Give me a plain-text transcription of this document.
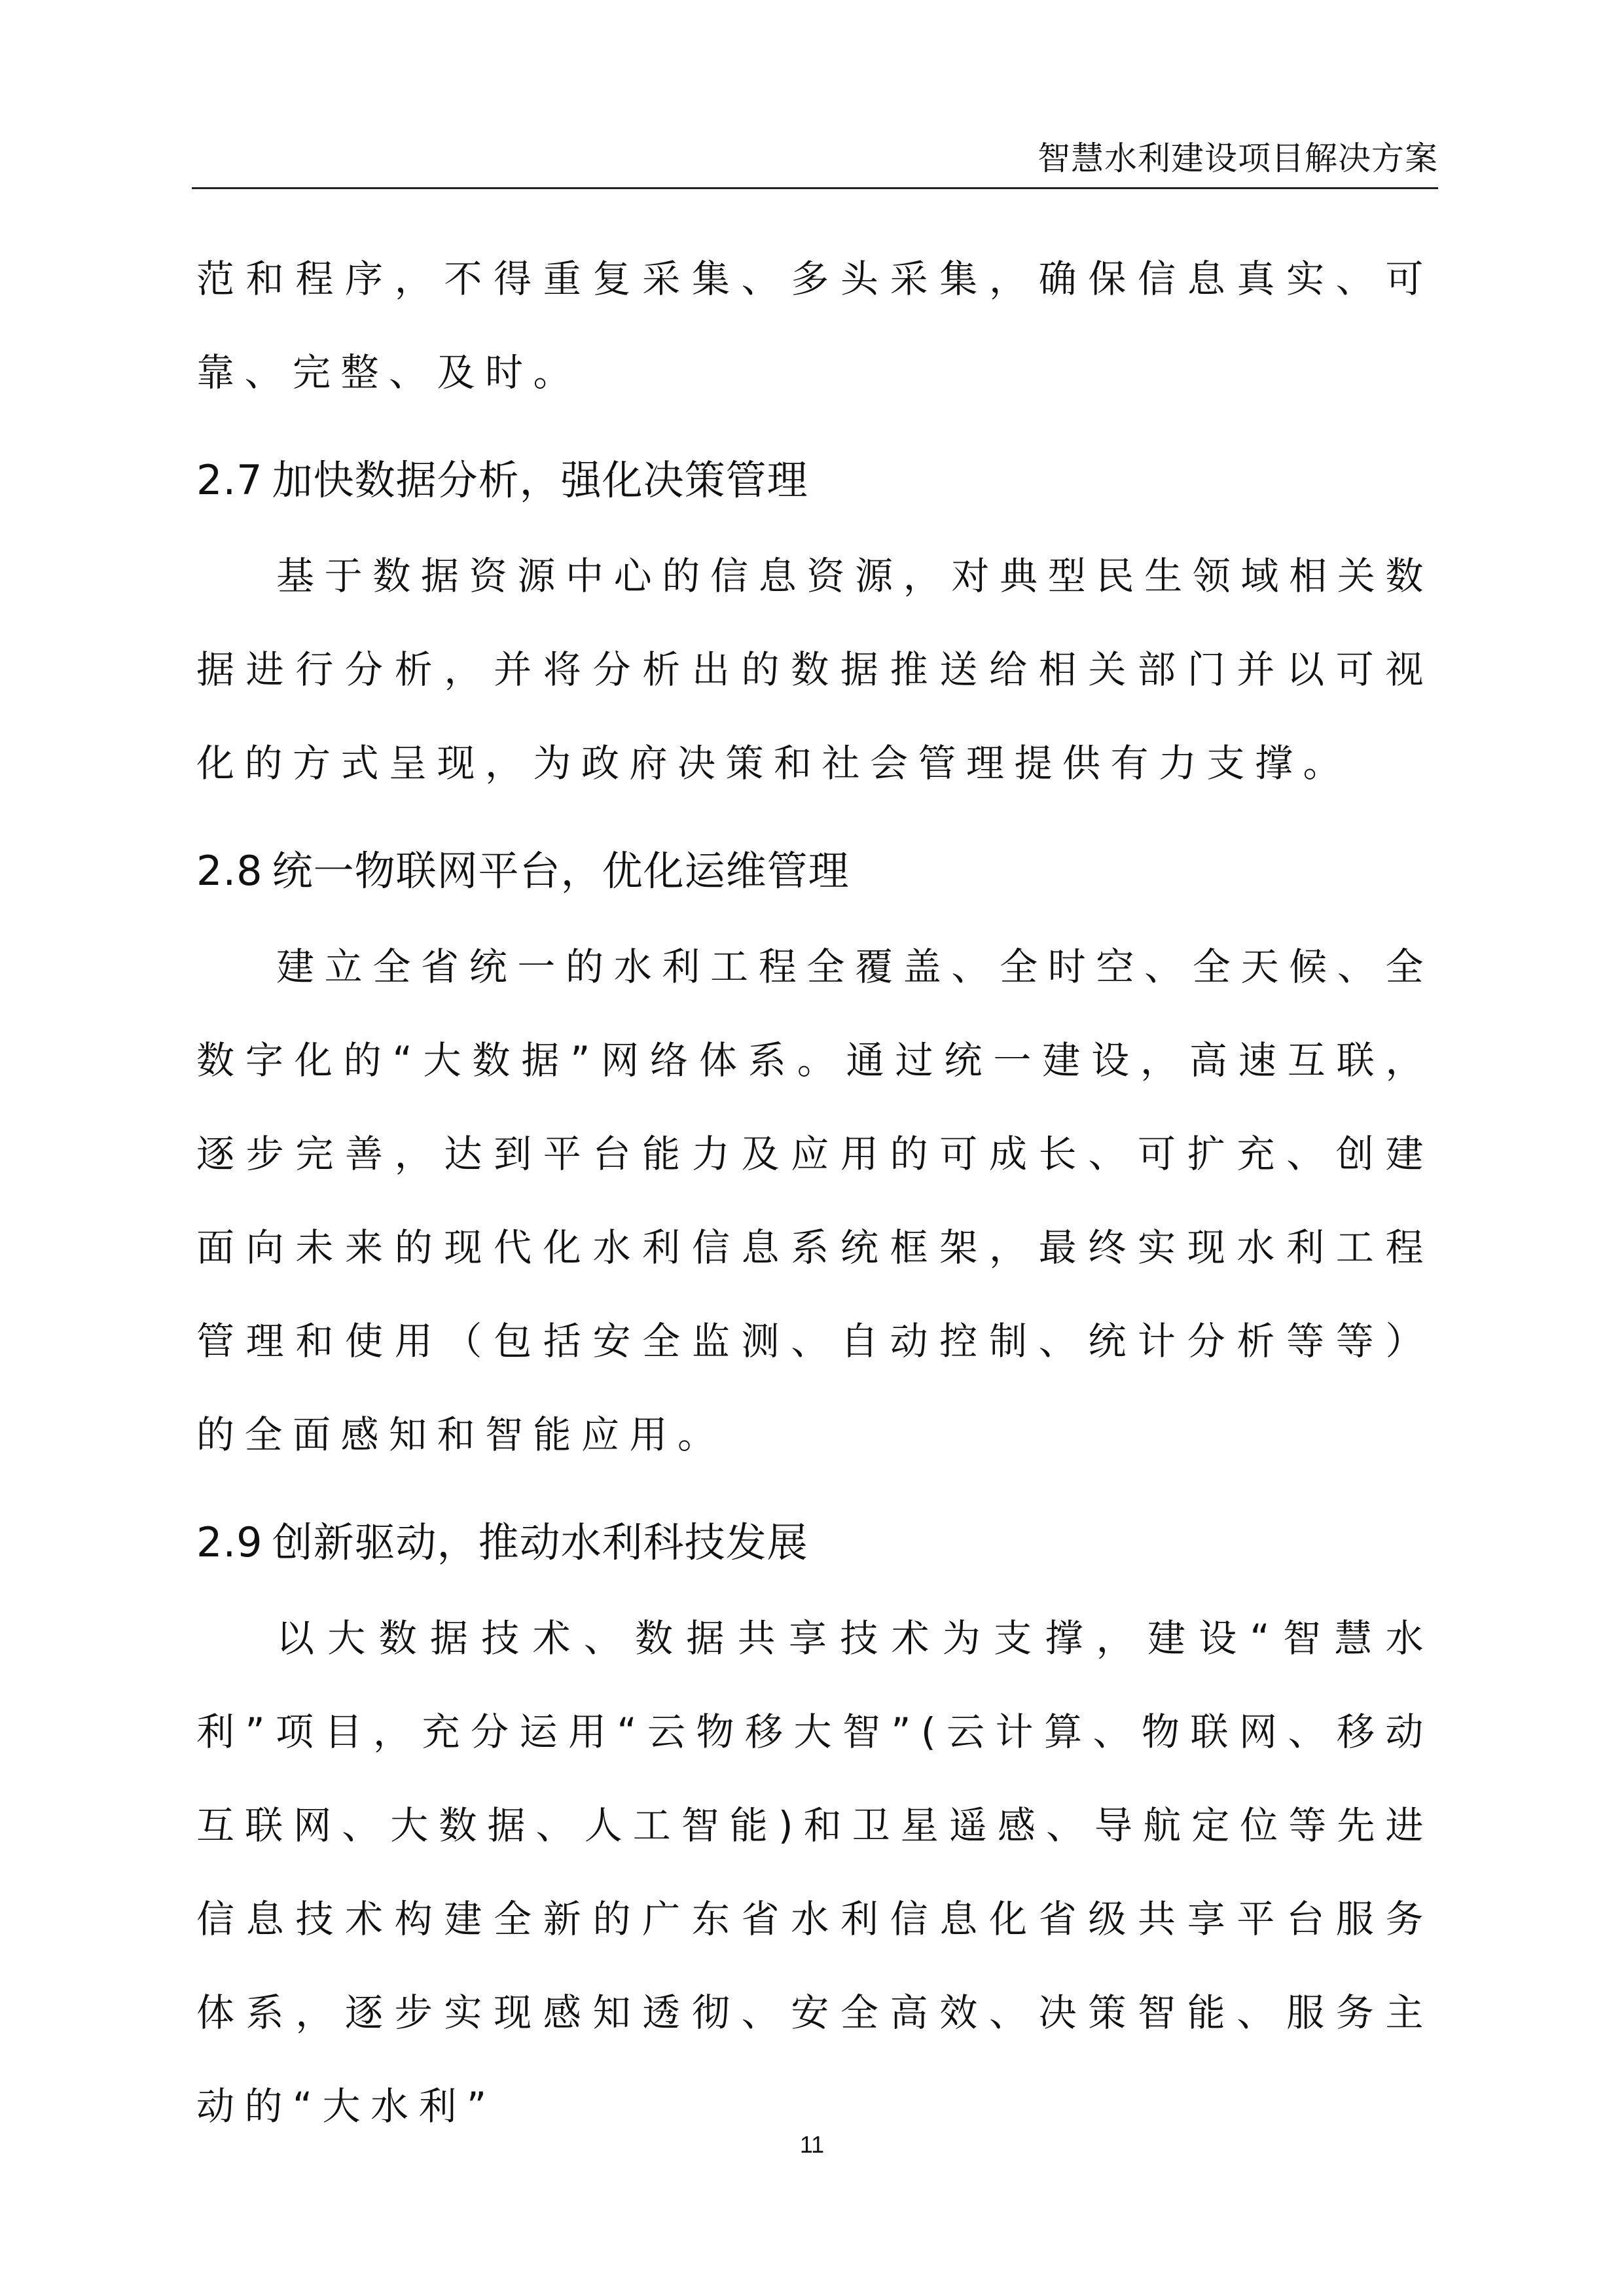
智慧水利建设项目解决方案

范和程序，不得重复采集、多头采集，确保信息真实、可靠、完整、及时。

2.7 加快数据分析，强化决策管理

基于数据资源中心的信息资源，对典型民生领域相关数据进行分析，并将分析出的数据推送给相关部门并以可视化的方式呈现，为政府决策和社会管理提供有力支撑。

2.8 统一物联网平台，优化运维管理

建立全省统一的水利工程全覆盖、全时空、全天候、全数字化的“大数据”网络体系。通过统一建设，高速互联，逐步完善，达到平台能力及应用的可成长、可扩充、创建面向未来的现代化水利信息系统框架，最终实现水利工程管理和使用（包括安全监测、自动控制、统计分析等等）的全面感知和智能应用。

2.9 创新驱动，推动水利科技发展

以大数据技术、数据共享技术为支撑，建设“智慧水利”项目，充分运用“云物移大智”(云计算、物联网、移动互联网、大数据、人工智能)和卫星遥感、导航定位等先进信息技术构建全新的广东省水利信息化省级共享平台服务体系，逐步实现感知透彻、安全高效、决策智能、服务主动的“大水利”

11
